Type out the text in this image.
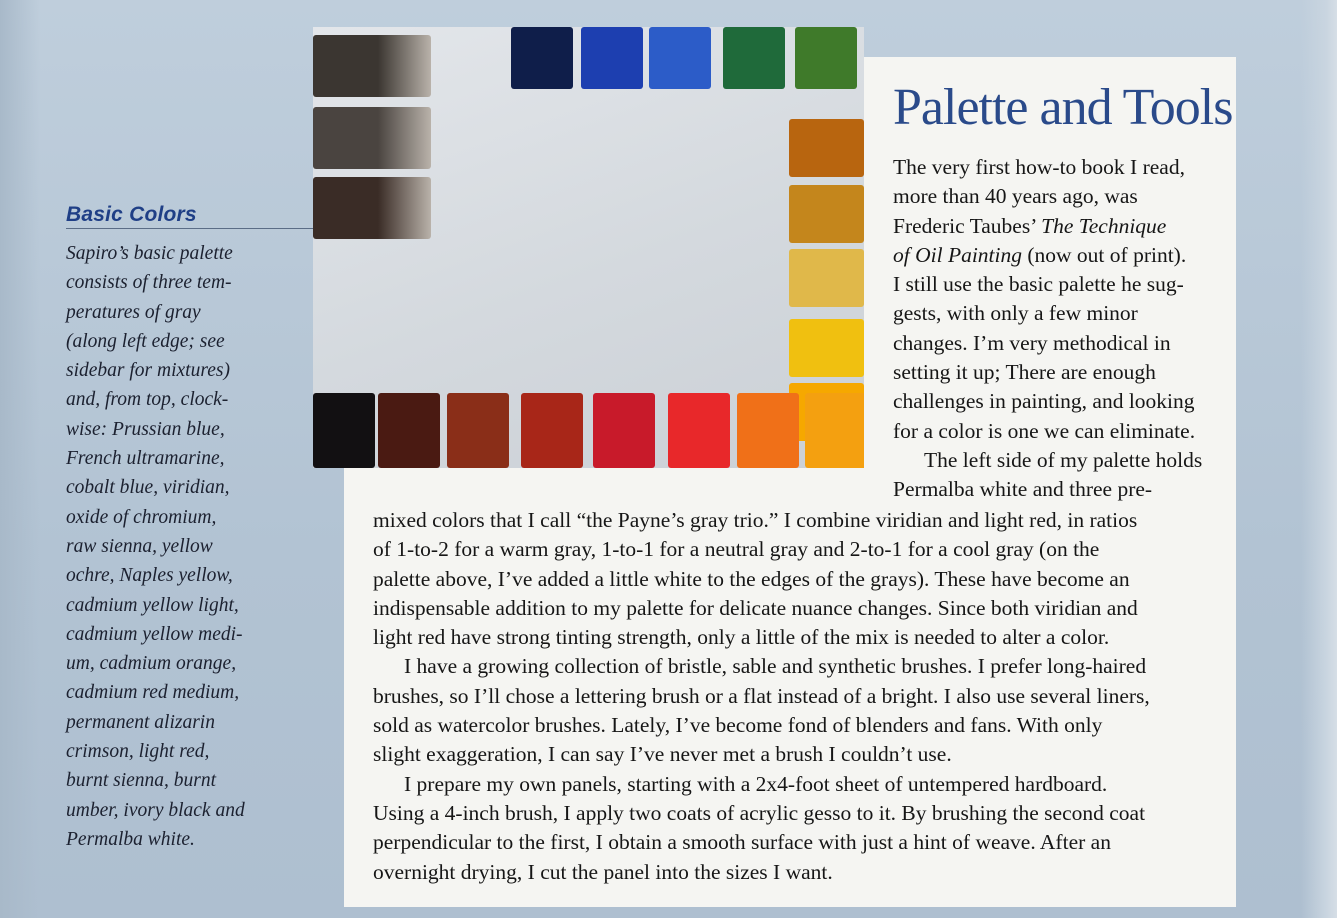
Basic Colors
Sapiro’s basic palette
consists of three tem-
peratures of gray
(along left edge; see
sidebar for mixtures)
and, from top, clock-
wise: Prussian blue,
French ultramarine,
cobalt blue, viridian,
oxide of chromium,
raw sienna, yellow
ochre, Naples yellow,
cadmium yellow light,
cadmium yellow medi-
um, cadmium orange,
cadmium red medium,
permanent alizarin
crimson, light red,
burnt sienna, burnt
umber, ivory black and
Permalba white.
Palette and Tools
The very first how-to book I read,
more than 40 years ago, was
Frederic Taubes’ The Technique
of Oil Painting (now out of print).
I still use the basic palette he sug-
gests, with only a few minor
changes. I’m very methodical in
setting it up; There are enough
challenges in painting, and looking
for a color is one we can eliminate.
The left side of my palette holds
Permalba white and three pre-
mixed colors that I call “the Payne’s gray trio.” I combine viridian and light red, in ratios
of 1-to-2 for a warm gray, 1-to-1 for a neutral gray and 2-to-1 for a cool gray (on the
palette above, I’ve added a little white to the edges of the grays). These have become an
indispensable addition to my palette for delicate nuance changes. Since both viridian and
light red have strong tinting strength, only a little of the mix is needed to alter a color.
I have a growing collection of bristle, sable and synthetic brushes. I prefer long-haired
brushes, so I’ll chose a lettering brush or a flat instead of a bright. I also use several liners,
sold as watercolor brushes. Lately, I’ve become fond of blenders and fans. With only
slight exaggeration, I can say I’ve never met a brush I couldn’t use.
I prepare my own panels, starting with a 2x4-foot sheet of untempered hardboard.
Using a 4-inch brush, I apply two coats of acrylic gesso to it. By brushing the second coat
perpendicular to the first, I obtain a smooth surface with just a hint of weave. After an
overnight drying, I cut the panel into the sizes I want.
